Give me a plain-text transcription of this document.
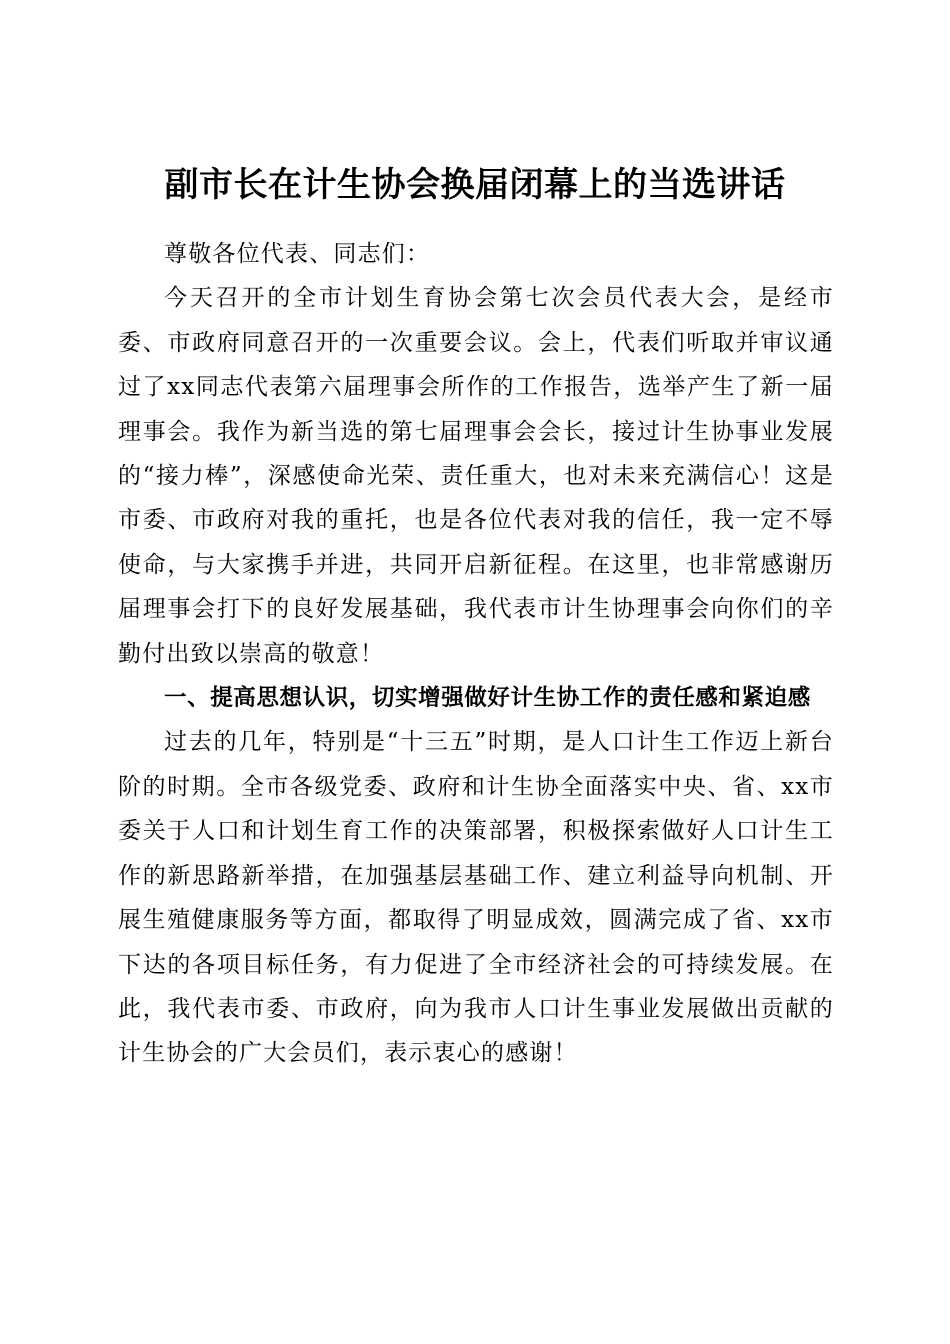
副市长在计生协会换届闭幕上的当选讲话

尊敬各位代表、同志们：

今天召开的全市计划生育协会第七次会员代表大会，是经市委、市政府同意召开的一次重要会议。会上，代表们听取并审议通过了xx同志代表第六届理事会所作的工作报告，选举产生了新一届理事会。我作为新当选的第七届理事会会长，接过计生协事业发展的“接力棒”，深感使命光荣、责任重大，也对未来充满信心！这是市委、市政府对我的重托，也是各位代表对我的信任，我一定不辱使命，与大家携手并进，共同开启新征程。在这里，也非常感谢历届理事会打下的良好发展基础，我代表市计生协理事会向你们的辛勤付出致以崇高的敬意！

一、提高思想认识，切实增强做好计生协工作的责任感和紧迫感

过去的几年，特别是“十三五”时期，是人口计生工作迈上新台阶的时期。全市各级党委、政府和计生协全面落实中央、省、xx市委关于人口和计划生育工作的决策部署，积极探索做好人口计生工作的新思路新举措，在加强基层基础工作、建立利益导向机制、开展生殖健康服务等方面，都取得了明显成效，圆满完成了省、xx市下达的各项目标任务，有力促进了全市经济社会的可持续发展。在此，我代表市委、市政府，向为我市人口计生事业发展做出贡献的计生协会的广大会员们，表示衷心的感谢！
